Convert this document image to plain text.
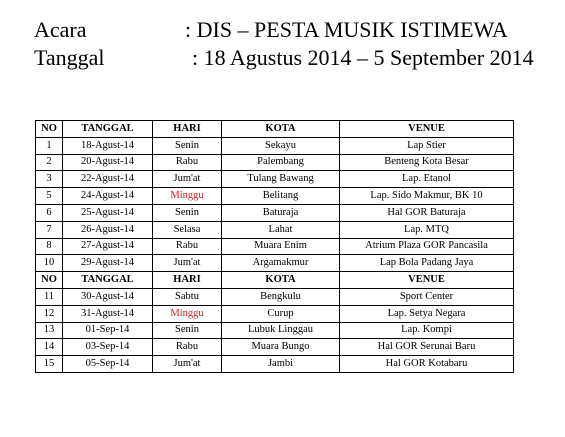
Acara	: DIS – PESTA MUSIK ISTIMEWA
Tanggal	: 18 Agustus 2014 – 5 September 2014
NO	TANGGAL	HARI	KOTA	VENUE
1	18-Agust-14	Senin	Sekayu	Lap Stier
2	20-Agust-14	Rabu	Palembang	Benteng Kota Besar
3	22-Agust-14	Jum'at	Tulang Bawang	Lap. Etanol
5	24-Agust-14	Minggu	Belitang	Lap. Sido Makmur, BK 10
6	25-Agust-14	Senin	Baturaja	Hal GOR Baturaja
7	26-Agust-14	Selasa	Lahat	Lap. MTQ
8	27-Agust-14	Rabu	Muara Enim	Atrium Plaza GOR Pancasila
10	29-Agust-14	Jum'at	Argamakmur	Lap Bola Padang Jaya
NO	TANGGAL	HARI	KOTA	VENUE
11	30-Agust-14	Sabtu	Bengkulu	Sport Center
12	31-Agust-14	Minggu	Curup	Lap. Setya Negara
13	01-Sep-14	Senin	Lubuk Linggau	Lap. Kompi
14	03-Sep-14	Rabu	Muara Bungo	Hal GOR Serunai Baru
15	05-Sep-14	Jum'at	Jambi	Hal GOR Kotabaru
